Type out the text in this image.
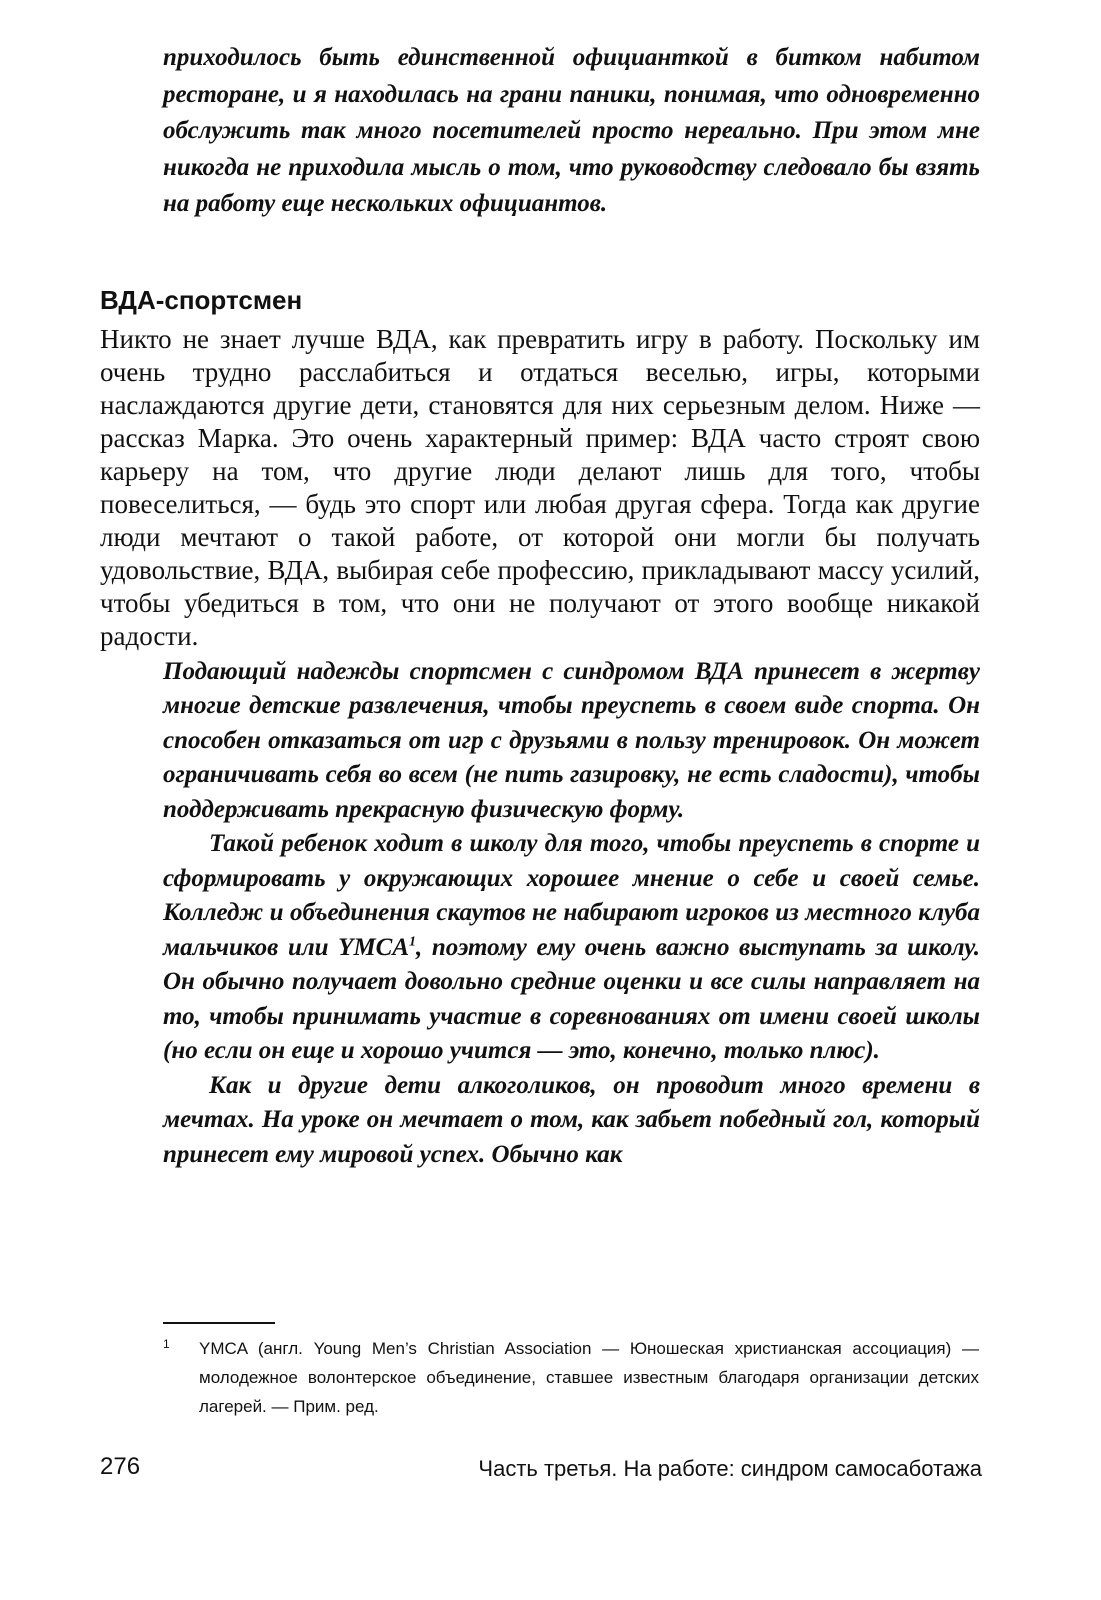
приходилось быть единственной официанткой в битком набитом ресторане, и я находилась на грани паники, понимая, что одновременно обслужить так много посетителей просто нереально. При этом мне никогда не приходила мысль о том, что руководству следовало бы взять на работу еще нескольких официантов.

ВДА-спортсмен

Никто не знает лучше ВДА, как превратить игру в работу. Поскольку им очень трудно расслабиться и отдаться веселью, игры, которыми наслаждаются другие дети, становятся для них серьезным делом. Ниже — рассказ Марка. Это очень характерный пример: ВДА часто строят свою карьеру на том, что другие люди делают лишь для того, чтобы повеселиться, — будь это спорт или любая другая сфера. Тогда как другие люди мечтают о такой работе, от которой они могли бы получать удовольствие, ВДА, выбирая себе профессию, прикладывают массу усилий, чтобы убедиться в том, что они не получают от этого вообще никакой радости.

Подающий надежды спортсмен с синдромом ВДА принесет в жертву многие детские развлечения, чтобы преуспеть в своем виде спорта. Он способен отказаться от игр с друзьями в пользу тренировок. Он может ограничивать себя во всем (не пить газировку, не есть сладости), чтобы поддерживать прекрасную физическую форму.

Такой ребенок ходит в школу для того, чтобы преуспеть в спорте и сформировать у окружающих хорошее мнение о себе и своей семье. Колледж и объединения скаутов не набирают игроков из местного клуба мальчиков или YMCA$^1$, поэтому ему очень важно выступать за школу. Он обычно получает довольно средние оценки и все силы направляет на то, чтобы принимать участие в соревнованиях от имени своей школы (но если он еще и хорошо учится — это, конечно, только плюс).

Как и другие дети алкоголиков, он проводит много времени в мечтах. На уроке он мечтает о том, как забьет победный гол, который принесет ему мировой успех. Обычно как

1 YMCA (англ. Young Men’s Christian Association — Юношеская христианская ассоциация) — молодежное волонтерское объединение, ставшее известным благодаря организации детских лагерей. — Прим. ред.
276	Часть третья. На работе: синдром самосаботажа
